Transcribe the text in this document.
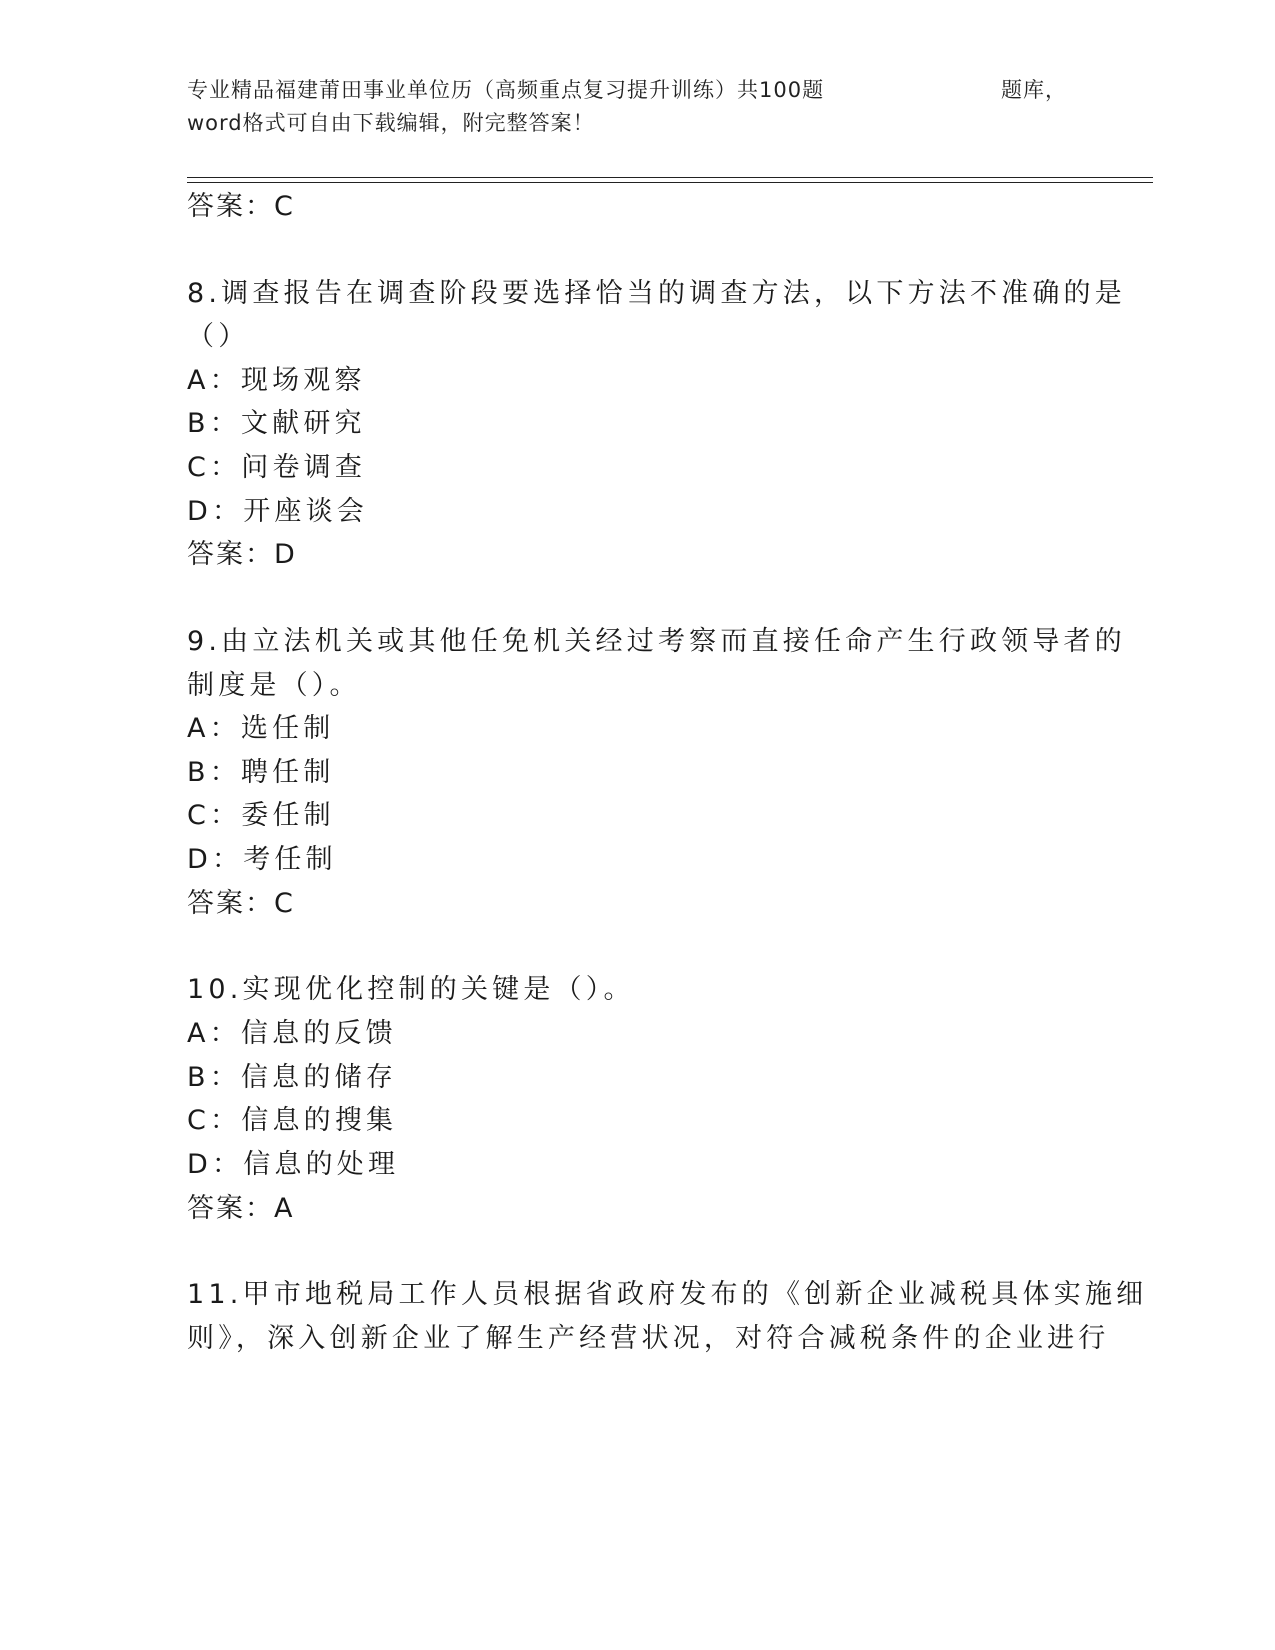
专业精品福建莆田事业单位历（高频重点复习提升训练）共100题	题库，
word格式可自由下载编辑，附完整答案！
答案：C
8.调查报告在调查阶段要选择恰当的调查方法，以下方法不准确的是
（）
A：现场观察
B：文献研究
C：问卷调查
D：开座谈会
答案：D
9.由立法机关或其他任免机关经过考察而直接任命产生行政领导者的
制度是（）。
A：选任制
B：聘任制
C：委任制
D：考任制
答案：C
10.实现优化控制的关键是（）。
A：信息的反馈
B：信息的储存
C：信息的搜集
D：信息的处理
答案：A
11.甲市地税局工作人员根据省政府发布的《创新企业减税具体实施细
则》，深入创新企业了解生产经营状况，对符合减税条件的企业进行
